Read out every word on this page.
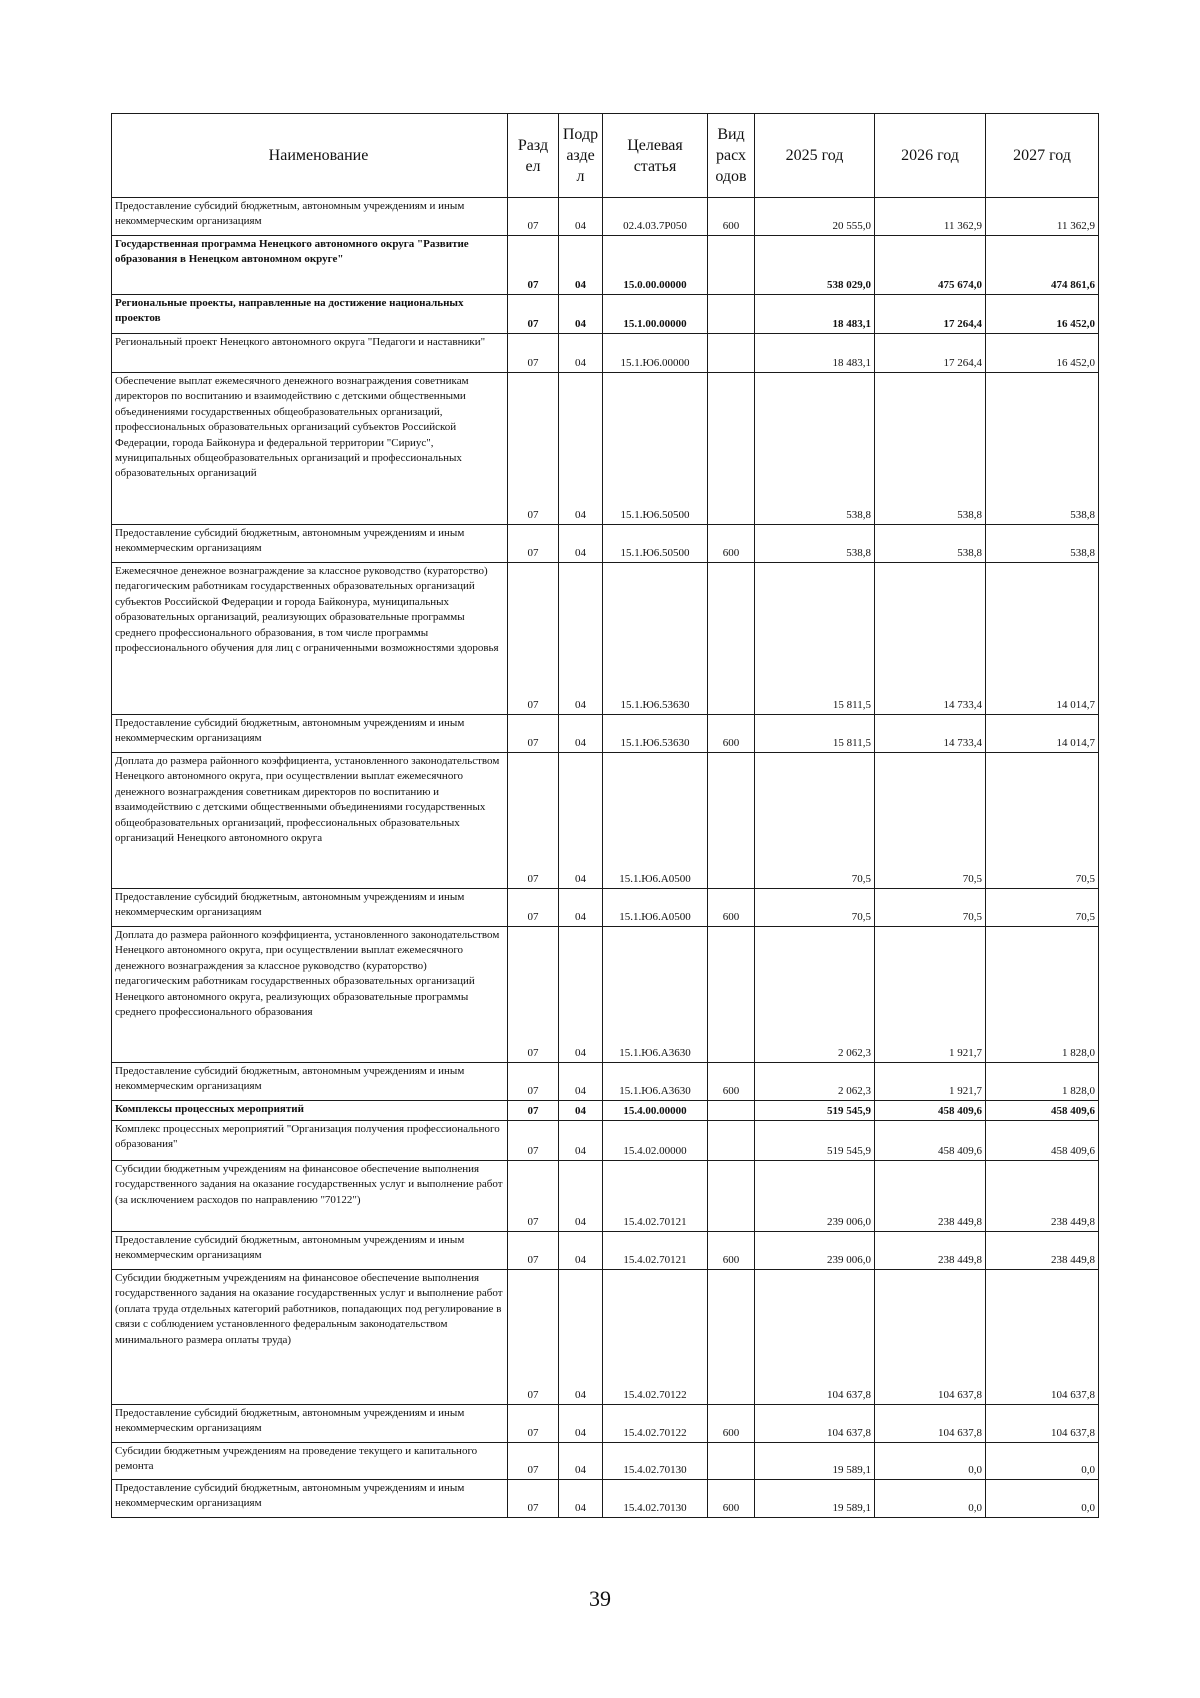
Наименование	Разд ел	Подр азде л	Целевая статья	Вид расх одов	2025 год	2026 год	2027 год
Предоставление субсидий бюджетным, автономным учреждениям и иным некоммерческим организациям	07	04	02.4.03.7Р050	600	20 555,0	11 362,9	11 362,9
Государственная программа Ненецкого автономного округа "Развитие образования в Ненецком автономном округе"	07	04	15.0.00.00000		538 029,0	475 674,0	474 861,6
Региональные проекты, направленные на достижение национальных проектов	07	04	15.1.00.00000		18 483,1	17 264,4	16 452,0
Региональный проект Ненецкого автономного округа "Педагоги и наставники"	07	04	15.1.Ю6.00000		18 483,1	17 264,4	16 452,0
Обеспечение выплат ежемесячного денежного вознаграждения советникам директоров по воспитанию и взаимодействию с детскими общественными объединениями государственных общеобразовательных организаций, профессиональных образовательных организаций субъектов Российской Федерации, города Байконура и федеральной территории "Сириус", муниципальных общеобразовательных организаций и профессиональных образовательных организаций	07	04	15.1.Ю6.50500		538,8	538,8	538,8
Предоставление субсидий бюджетным, автономным учреждениям и иным некоммерческим организациям	07	04	15.1.Ю6.50500	600	538,8	538,8	538,8
Ежемесячное денежное вознаграждение за классное руководство (кураторство) педагогическим работникам государственных образовательных организаций субъектов Российской Федерации и города Байконура, муниципальных образовательных организаций, реализующих образовательные программы среднего профессионального образования, в том числе программы профессионального обучения для лиц с ограниченными возможностями здоровья	07	04	15.1.Ю6.53630		15 811,5	14 733,4	14 014,7
Предоставление субсидий бюджетным, автономным учреждениям и иным некоммерческим организациям	07	04	15.1.Ю6.53630	600	15 811,5	14 733,4	14 014,7
Доплата до размера районного коэффициента, установленного законодательством Ненецкого автономного округа, при осуществлении выплат ежемесячного денежного вознаграждения советникам директоров по воспитанию и взаимодействию с детскими общественными объединениями государственных общеобразовательных организаций, профессиональных образовательных организаций Ненецкого автономного округа	07	04	15.1.Ю6.А0500		70,5	70,5	70,5
Предоставление субсидий бюджетным, автономным учреждениям и иным некоммерческим организациям	07	04	15.1.Ю6.А0500	600	70,5	70,5	70,5
Доплата до размера районного коэффициента, установленного законодательством Ненецкого автономного округа, при осуществлении выплат ежемесячного денежного вознаграждения за классное руководство (кураторство) педагогическим работникам государственных образовательных организаций Ненецкого автономного округа, реализующих образовательные программы среднего профессионального образования	07	04	15.1.Ю6.А3630		2 062,3	1 921,7	1 828,0
Предоставление субсидий бюджетным, автономным учреждениям и иным некоммерческим организациям	07	04	15.1.Ю6.А3630	600	2 062,3	1 921,7	1 828,0
Комплексы процессных мероприятий	07	04	15.4.00.00000		519 545,9	458 409,6	458 409,6
Комплекс процессных мероприятий "Организация получения профессионального образования"	07	04	15.4.02.00000		519 545,9	458 409,6	458 409,6
Субсидии бюджетным учреждениям на финансовое обеспечение выполнения государственного задания на оказание государственных услуг и выполнение работ (за исключением расходов по направлению "70122")	07	04	15.4.02.70121		239 006,0	238 449,8	238 449,8
Предоставление субсидий бюджетным, автономным учреждениям и иным некоммерческим организациям	07	04	15.4.02.70121	600	239 006,0	238 449,8	238 449,8
Субсидии бюджетным учреждениям на финансовое обеспечение выполнения государственного задания на оказание государственных услуг и выполнение работ (оплата труда отдельных категорий работников, попадающих под регулирование в связи с соблюдением установленного федеральным законодательством минимального размера оплаты труда)	07	04	15.4.02.70122		104 637,8	104 637,8	104 637,8
Предоставление субсидий бюджетным, автономным учреждениям и иным некоммерческим организациям	07	04	15.4.02.70122	600	104 637,8	104 637,8	104 637,8
Субсидии бюджетным учреждениям на проведение текущего и капитального ремонта	07	04	15.4.02.70130		19 589,1	0,0	0,0
Предоставление субсидий бюджетным, автономным учреждениям и иным некоммерческим организациям	07	04	15.4.02.70130	600	19 589,1	0,0	0,0
39
